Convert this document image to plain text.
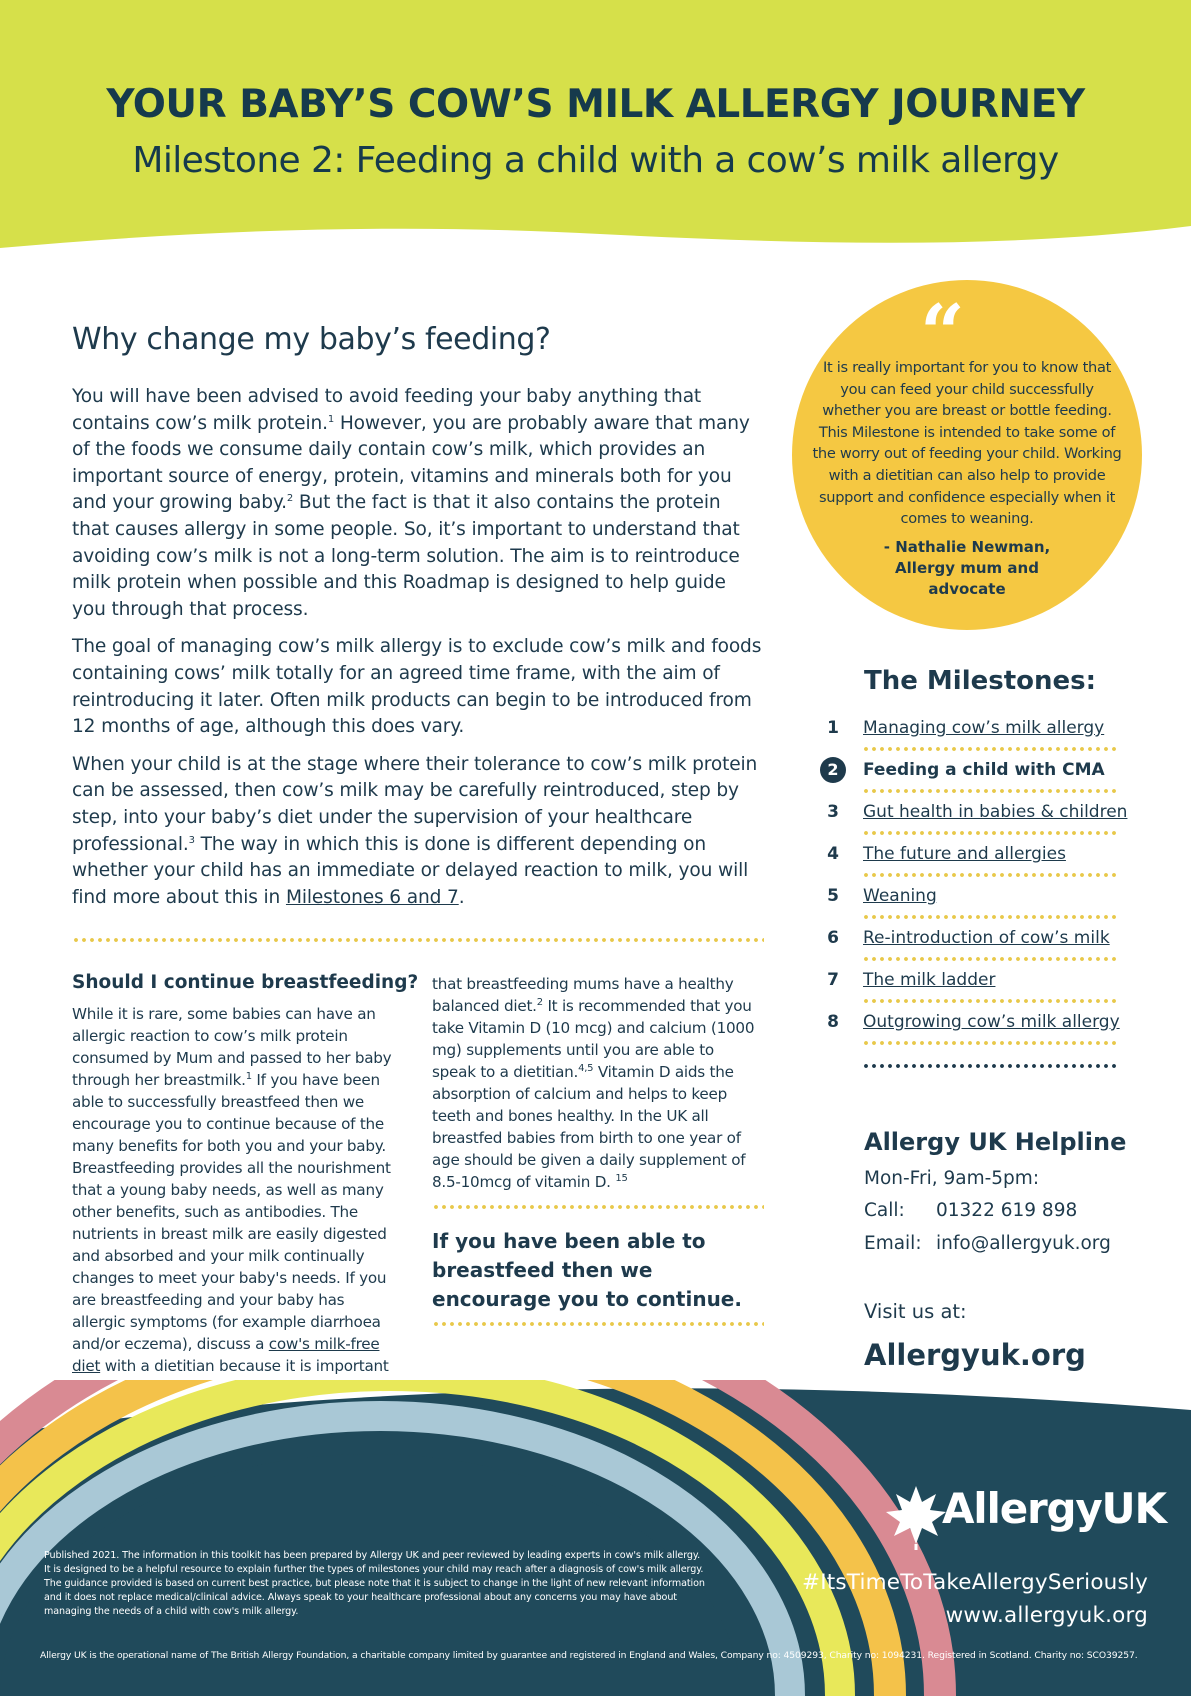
YOUR BABY’S COW’S MILK ALLERGY JOURNEY
Milestone 2: Feeding a child with a cow’s milk allergy
Why change my baby’s feeding?

You will have been advised to avoid feeding your baby anything that contains cow’s milk protein.$^1$ However, you are probably aware that many of the foods we consume daily contain cow’s milk, which provides an important source of energy, protein, vitamins and minerals both for you and your growing baby.$^2$ But the fact is that it also contains the protein that causes allergy in some people. So, it’s important to understand that avoiding cow’s milk is not a long-term solution. The aim is to reintroduce milk protein when possible and this Roadmap is designed to help guide you through that process.

The goal of managing cow’s milk allergy is to exclude cow’s milk and foods containing cows’ milk totally for an agreed time frame, with the aim of reintroducing it later. Often milk products can begin to be introduced from 12 months of age, although this does vary.

When your child is at the stage where their tolerance to cow’s milk protein can be assessed, then cow’s milk may be carefully reintroduced, step by step, into your baby’s diet under the supervision of your healthcare professional.$^3$ The way in which this is done is different depending on whether your child has an immediate or delayed reaction to milk, you will find more about this in Milestones 6 and 7.

Should I continue breastfeeding?
While it is rare, some babies can have an allergic reaction to cow’s milk protein consumed by Mum and passed to her baby through her breastmilk.$^1$ If you have been able to successfully breastfeed then we encourage you to continue because of the many benefits for both you and your baby. Breastfeeding provides all the nourishment that a young baby needs, as well as many other benefits, such as antibodies. The nutrients in breast milk are easily digested and absorbed and your milk continually changes to meet your baby's needs. If you are breastfeeding and your baby has allergic symptoms (for example diarrhoea and/or eczema), discuss a cow's milk-free diet with a dietitian because it is important
that breastfeeding mums have a healthy balanced diet.$^2$ It is recommended that you take Vitamin D (10 mcg) and calcium (1000 mg) supplements until you are able to speak to a dietitian.$^{4,5}$ Vitamin D aids the absorption of calcium and helps to keep teeth and bones healthy. In the UK all breastfed babies from birth to one year of age should be given a daily supplement of 8.5-10mcg of vitamin D. $^{15}$
If you have been able to breastfeed then we encourage you to continue.
“
It is really important for you to know that you can feed your child successfully whether you are breast or bottle feeding. This Milestone is intended to take some of the worry out of feeding your child. Working with a dietitian can also help to provide support and confidence especially when it comes to weaning.
- Nathalie Newman, Allergy mum and advocate
The Milestones:
1	Managing cow’s milk allergy
2	Feeding a child with CMA
3	Gut health in babies & children
4	The future and allergies
5	Weaning
6	Re-introduction of cow’s milk
7	The milk ladder
8	Outgrowing cow’s milk allergy
Allergy UK Helpline
Mon-Fri, 9am-5pm:
Call: 01322 619 898
Email: info@allergyuk.org
Visit us at:
Allergyuk.org
AllergyUK
#ItsTimeToTakeAllergySeriously
www.allergyuk.org
Published 2021. The information in this toolkit has been prepared by Allergy UK and peer reviewed by leading experts in cow's milk allergy. It is designed to be a helpful resource to explain further the types of milestones your child may reach after a diagnosis of cow's milk allergy. The guidance provided is based on current best practice, but please note that it is subject to change in the light of new relevant information and it does not replace medical/clinical advice. Always speak to your healthcare professional about any concerns you may have about managing the needs of a child with cow's milk allergy.
Allergy UK is the operational name of The British Allergy Foundation, a charitable company limited by guarantee and registered in England and Wales, Company no: 4509293, Charity no: 1094231. Registered in Scotland. Charity no: SCO39257.
